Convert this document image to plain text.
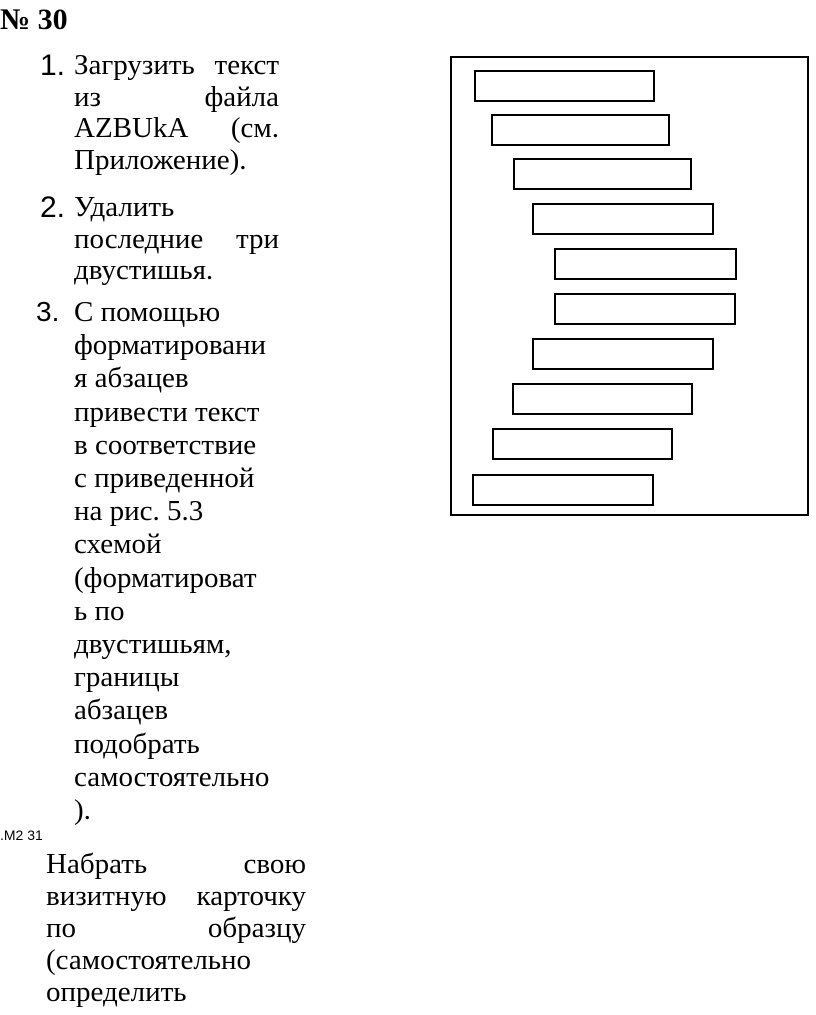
№ 30
1. Загрузить текст из файла AZBUkA (см. Приложение).
2. Удалить последние три двустишья.
3. С помощью
форматировани
я абзацев
привести текст
в соответствие
с приведенной
на рис. 5.3
схемой
(форматироват
ь по
двустишьям,
границы
абзацев
подобрать
самостоятельно
).
.M2 31
Набрать свою визитную карточку по образцу (самостоятельно определить
